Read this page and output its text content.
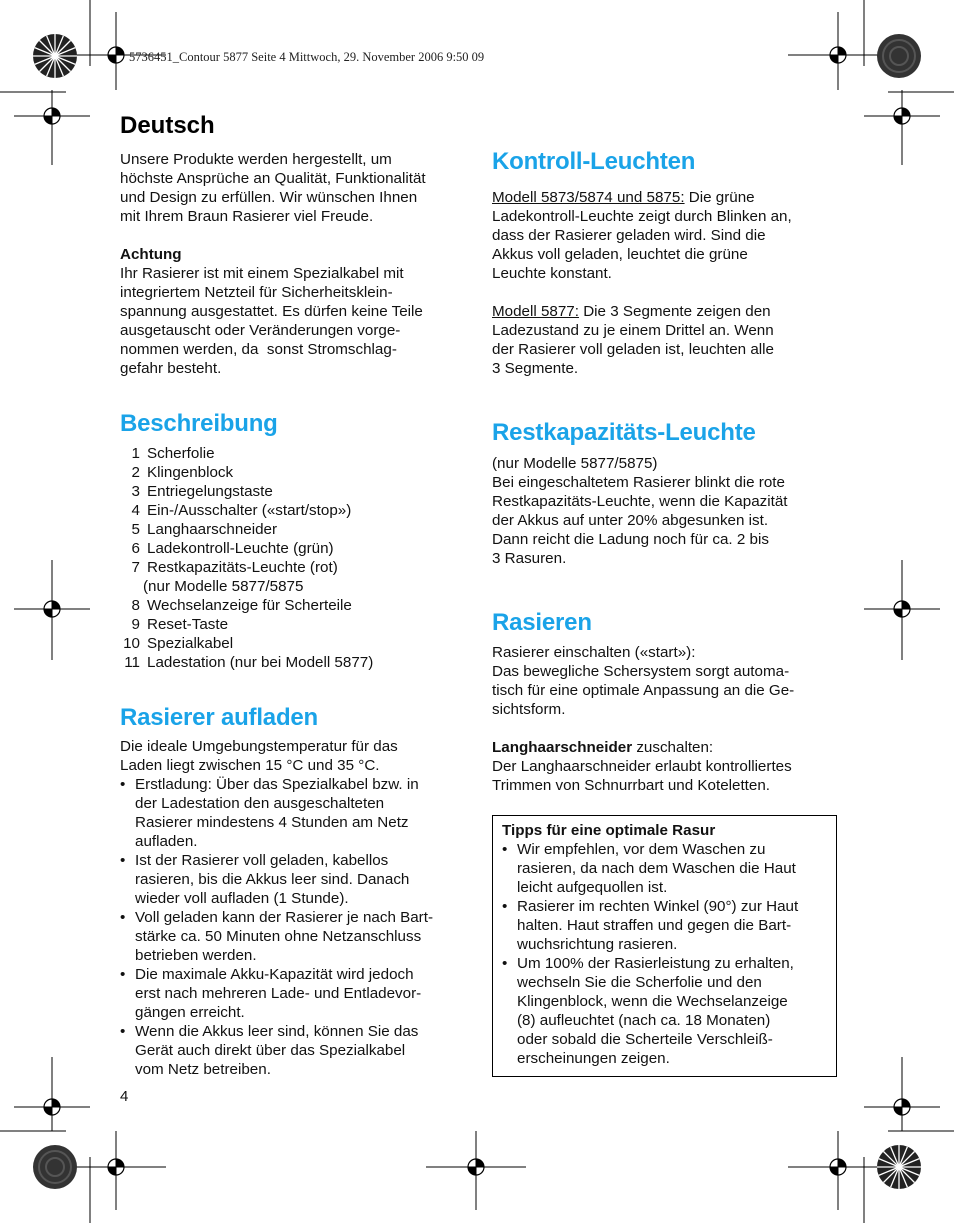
5736451_Contour 5877 Seite 4 Mittwoch, 29. November 2006 9:50 09
Deutsch

Unsere Produkte werden hergestellt, um
höchste Ansprüche an Qualität, Funktionalität
und Design zu erfüllen. Wir wünschen Ihnen
mit Ihrem Braun Rasierer viel Freude.

Achtung

Ihr Rasierer ist mit einem Spezialkabel mit
integriertem Netzteil für Sicherheitsklein-
spannung ausgestattet. Es dürfen keine Teile
ausgetauscht oder Veränderungen vorge-
nommen werden, da  sonst Stromschlag-
gefahr besteht.

Beschreibung
1 Scherfolie
2 Klingenblock
3 Entriegelungstaste
4 Ein-/Ausschalter («start/stop»)
5 Langhaarschneider
6 Ladekontroll-Leuchte (grün)
7 Restkapazitäts-Leuchte (rot)
(nur Modelle 5877/5875
8 Wechselanzeige für Scherteile
9 Reset-Taste
10 Spezialkabel
11 Ladestation (nur bei Modell 5877)
Rasierer aufladen

Die ideale Umgebungstemperatur für das
Laden liegt zwischen 15 °C und 35 °C.

• Erstladung: Über das Spezialkabel bzw. in
der Ladestation den ausgeschalteten
Rasierer mindestens 4 Stunden am Netz
aufladen.
• Ist der Rasierer voll geladen, kabellos
rasieren, bis die Akkus leer sind. Danach
wieder voll aufladen (1 Stunde).
• Voll geladen kann der Rasierer je nach Bart-
stärke ca. 50 Minuten ohne Netzanschluss
betrieben werden.
• Die maximale Akku-Kapazität wird jedoch
erst nach mehreren Lade- und Entladevor-
gängen erreicht.
• Wenn die Akkus leer sind, können Sie das
Gerät auch direkt über das Spezialkabel
vom Netz betreiben.
4
Kontroll-Leuchten

Modell 5873/5874 und 5875: Die grüne

Ladekontroll-Leuchte zeigt durch Blinken an,
dass der Rasierer geladen wird. Sind die
Akkus voll geladen, leuchtet die grüne
Leuchte konstant.

Modell 5877: Die 3 Segmente zeigen den

Ladezustand zu je einem Drittel an. Wenn
der Rasierer voll geladen ist, leuchten alle
3 Segmente.

Restkapazitäts-Leuchte

(nur Modelle 5877/5875)
Bei eingeschaltetem Rasierer blinkt die rote
Restkapazitäts-Leuchte, wenn die Kapazität
der Akkus auf unter 20% abgesunken ist.
Dann reicht die Ladung noch für ca. 2 bis
3 Rasuren.

Rasieren

Rasierer einschalten («start»):
Das bewegliche Schersystem sorgt automa-
tisch für eine optimale Anpassung an die Ge-
sichtsform.

Langhaarschneider zuschalten:

Der Langhaarschneider erlaubt kontrolliertes
Trimmen von Schnurrbart und Koteletten.

Tipps für eine optimale Rasur

• Wir empfehlen, vor dem Waschen zu
rasieren, da nach dem Waschen die Haut
leicht aufgequollen ist.
• Rasierer im rechten Winkel (90°) zur Haut
halten. Haut straffen und gegen die Bart-
wuchsrichtung rasieren.
• Um 100% der Rasierleistung zu erhalten,
wechseln Sie die Scherfolie und den
Klingenblock, wenn die Wechselanzeige
(8) aufleuchtet (nach ca. 18 Monaten)
oder sobald die Scherteile Verschleiß-
erscheinungen zeigen.
